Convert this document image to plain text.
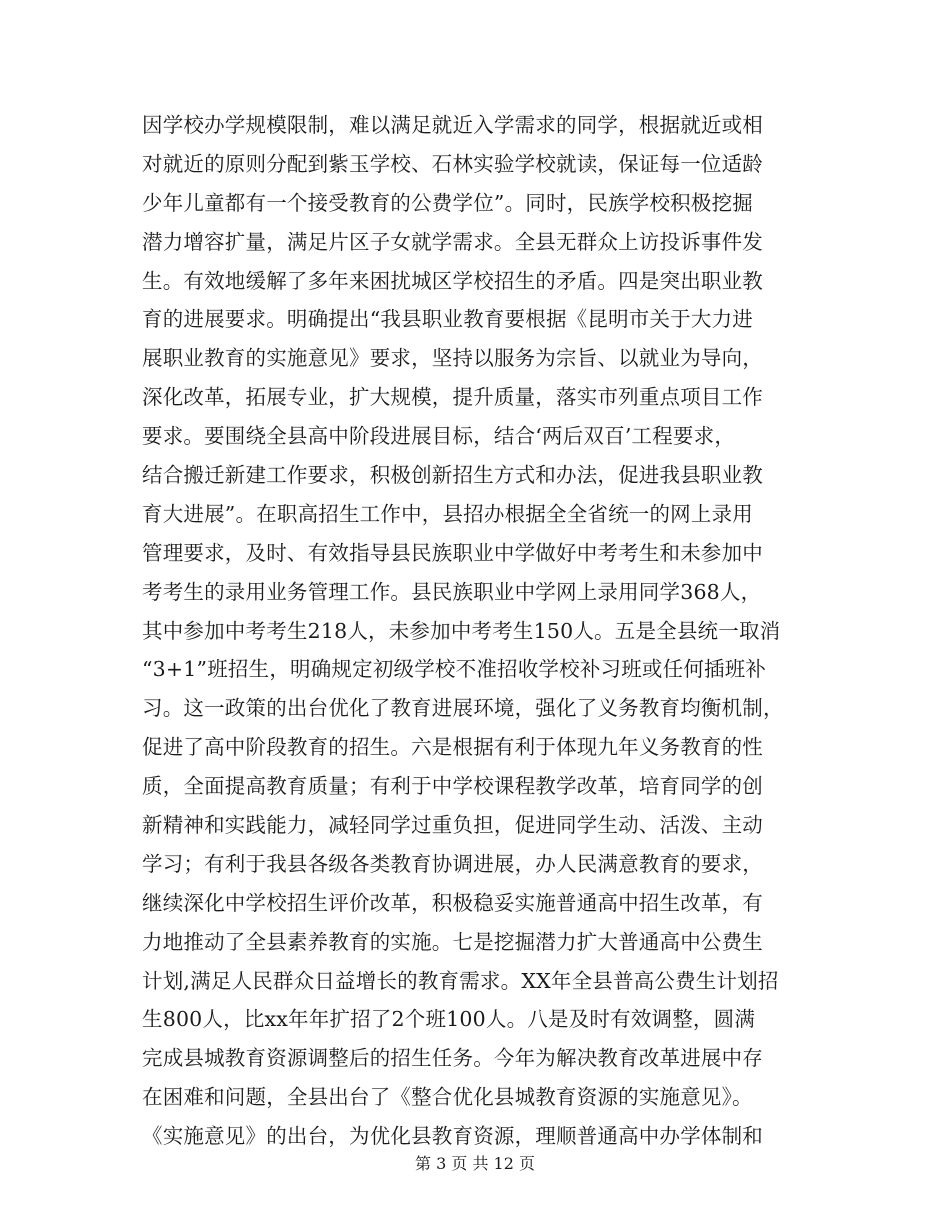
因学校办学规模限制，难以满足就近入学需求的同学，根据就近或相
对就近的原则分配到紫玉学校、石林实验学校就读，保证每一位适龄
少年儿童都有一个接受教育的公费学位”。同时，民族学校积极挖掘
潜力增容扩量，满足片区子女就学需求。全县无群众上访投诉事件发
生。有效地缓解了多年来困扰城区学校招生的矛盾。四是突出职业教
育的进展要求。明确提出“我县职业教育要根据《昆明市关于大力进
展职业教育的实施意见》要求，坚持以服务为宗旨、以就业为导向，
深化改革，拓展专业，扩大规模，提升质量，落实市列重点项目工作
要求。要围绕全县高中阶段进展目标，结合‘两后双百’工程要求，
结合搬迁新建工作要求，积极创新招生方式和办法，促进我县职业教
育大进展”。在职高招生工作中，县招办根据全全省统一的网上录用
管理要求，及时、有效指导县民族职业中学做好中考考生和未参加中
考考生的录用业务管理工作。县民族职业中学网上录用同学368人，
其中参加中考考生218人，未参加中考考生150人。五是全县统一取消
“3+1”班招生，明确规定初级学校不准招收学校补习班或任何插班补
习。这一政策的出台优化了教育进展环境，强化了义务教育均衡机制，
促进了高中阶段教育的招生。六是根据有利于体现九年义务教育的性
质，全面提高教育质量；有利于中学校课程教学改革，培育同学的创
新精神和实践能力，减轻同学过重负担，促进同学生动、活泼、主动
学习；有利于我县各级各类教育协调进展，办人民满意教育的要求，
继续深化中学校招生评价改革，积极稳妥实施普通高中招生改革，有
力地推动了全县素养教育的实施。七是挖掘潜力扩大普通高中公费生
计划,满足人民群众日益增长的教育需求。XX年全县普高公费生计划招
生800人，比xx年年扩招了2个班100人。八是及时有效调整，圆满
完成县城教育资源调整后的招生任务。今年为解决教育改革进展中存
在困难和问题，全县出台了《整合优化县城教育资源的实施意见》。
《实施意见》的出台，为优化县教育资源，理顺普通高中办学体制和
第 3 页 共 12 页
